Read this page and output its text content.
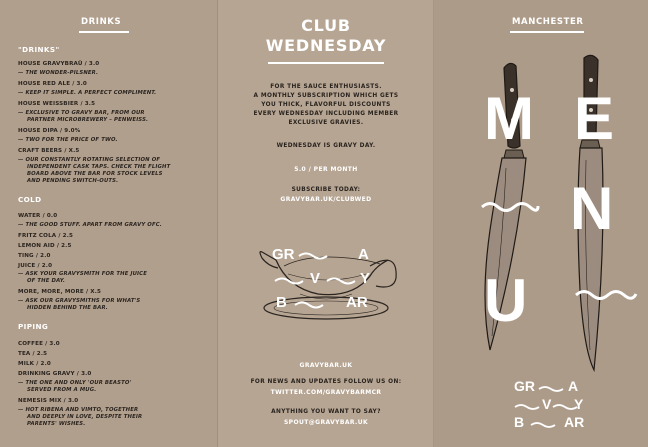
DRINKS
"DRINKS"
HOUSE GRAVYBRAÜ / 3.0
— THE WONDER-PILSNER.
HOUSE RED ALE / 3.0
— KEEP IT SIMPLE. A PERFECT COMPLIMENT.
HOUSE WEISSBIER / 3.5
— EXCLUSIVE TO GRAVY BAR, FROM OUR
PARTNER MICROBREWERY – PENWEISS.
HOUSE DIPA / 9.0%
— TWO FOR THE PRICE OF TWO.
CRAFT BEERS / X.5
— OUR CONSTANTLY ROTATING SELECTION OF
INDEPENDENT CASK TAPS. CHECK THE FLIGHT
BOARD ABOVE THE BAR FOR STOCK LEVELS
AND PENDING SWITCH-OUTS.
COLD
WATER / 0.0
— THE GOOD STUFF. APART FROM GRAVY OFC.
FRITZ COLA / 2.5
LEMON AID / 2.5
TING / 2.0
JUICE / 2.0
— ASK YOUR GRAVYSMITH FOR THE JUICE
OF THE DAY.
MORE, MORE, MORE / X.5
— ASK OUR GRAVYSMITHS FOR WHAT'S
HIDDEN BEHIND THE BAR.
PIPING
COFFEE / 3.0
TEA / 2.5
MILK / 2.0
DRINKING GRAVY / 3.0
— THE ONE AND ONLY 'OUR BEASTO'
SERVED FROM A MUG.
NEMESIS MIX / 3.0
— HOT RIBENA AND VIMTO, TOGETHER
AND DEEPLY IN LOVE, DESPITE THEIR
PARENTS' WISHES.
CLUB
WEDNESDAY
FOR THE SAUCE ENTHUSIASTS.
A MONTHLY SUBSCRIPTION WHICH GETS
YOU THICK, FLAVORFUL DISCOUNTS
EVERY WEDNESDAY INCLUDING MEMBER
EXCLUSIVE GRAVIES.
WEDNESDAY IS GRAVY DAY.
5.0 / PER MONTH
SUBSCRIBE TODAY:
GRAVYBAR.UK/CLUBWED
GR	A
V	Y
B	AR
GRAVYBAR.UK
FOR NEWS AND UPDATES FOLLOW US ON:
TWITTER.COM/GRAVYBARMCR
ANYTHING YOU WANT TO SAY?
SPOUT@GRAVYBAR.UK
MANCHESTER
M E
N
U
GR A
V Y
B	AR
